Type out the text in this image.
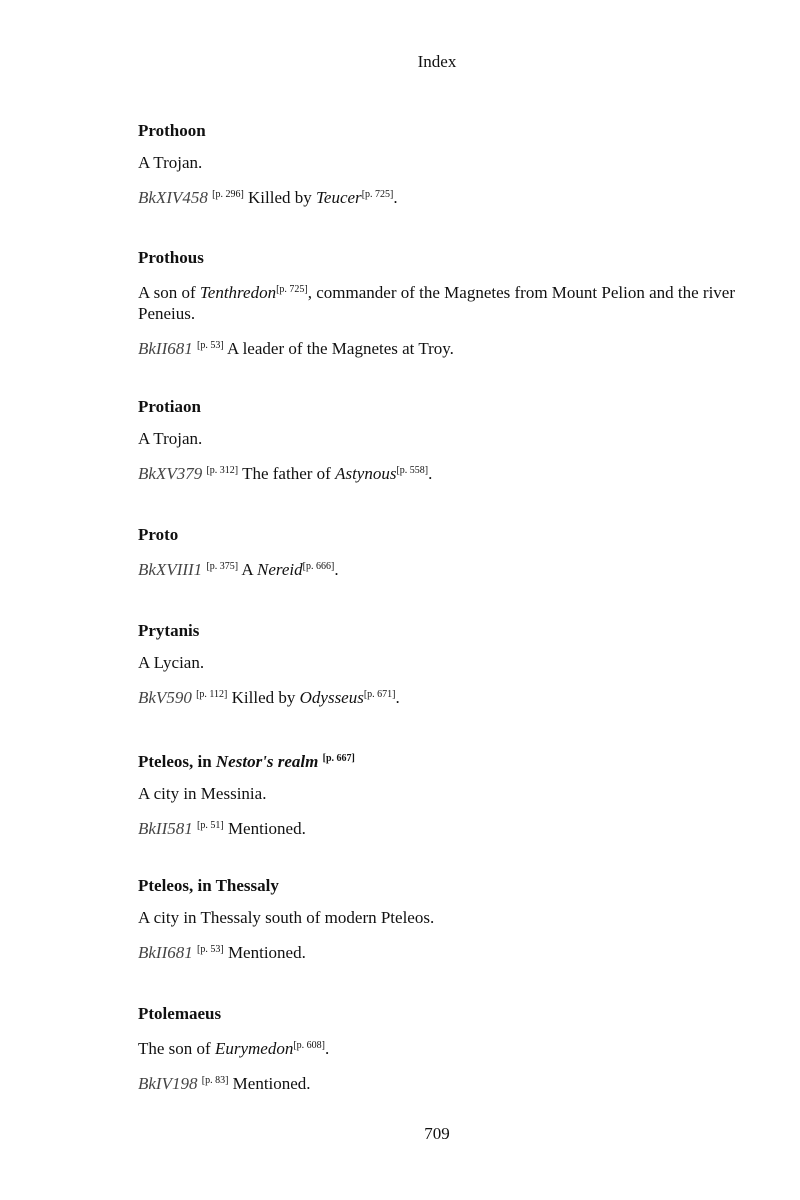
Index
Prothoon
A Trojan.
BkXIV458 [p. 296] Killed by Teucer[p. 725].
Prothous
A son of Tenthredon[p. 725], commander of the Magnetes from Mount Pelion and the river Peneius.
BkII681 [p. 53] A leader of the Magnetes at Troy.
Protiaon
A Trojan.
BkXV379 [p. 312] The father of Astynous[p. 558].
Proto
BkXVIII1 [p. 375] A Nereid[p. 666].
Prytanis
A Lycian.
BkV590 [p. 112] Killed by Odysseus[p. 671].
Pteleos, in Nestor's realm [p. 667]
A city in Messinia.
BkII581 [p. 51] Mentioned.
Pteleos, in Thessaly
A city in Thessaly south of modern Pteleos.
BkII681 [p. 53] Mentioned.
Ptolemaeus
The son of Eurymedon[p. 608].
BkIV198 [p. 83] Mentioned.
709
